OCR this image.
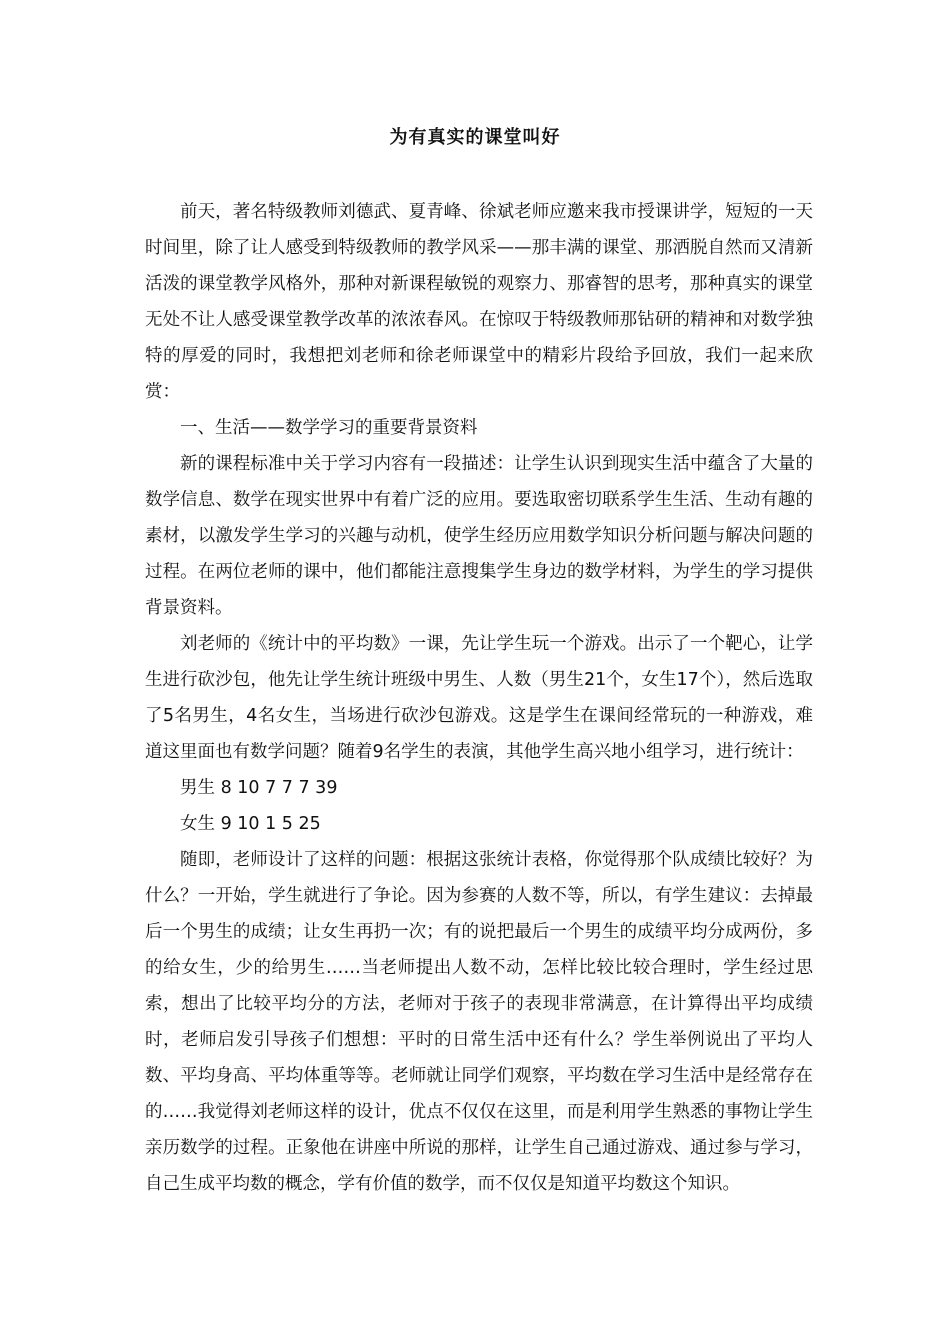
为有真实的课堂叫好

前天，著名特级教师刘德武、夏青峰、徐斌老师应邀来我市授课讲学，短短的一天时间里，除了让人感受到特级教师的教学风采——那丰满的课堂、那洒脱自然而又清新活泼的课堂教学风格外，那种对新课程敏锐的观察力、那睿智的思考，那种真实的课堂无处不让人感受课堂教学改革的浓浓春风。在惊叹于特级教师那钻研的精神和对数学独特的厚爱的同时，我想把刘老师和徐老师课堂中的精彩片段给予回放，我们一起来欣赏：

一、生活——数学学习的重要背景资料

新的课程标准中关于学习内容有一段描述：让学生认识到现实生活中蕴含了大量的数学信息、数学在现实世界中有着广泛的应用。要选取密切联系学生生活、生动有趣的素材，以激发学生学习的兴趣与动机，使学生经历应用数学知识分析问题与解决问题的过程。在两位老师的课中，他们都能注意搜集学生身边的数学材料，为学生的学习提供背景资料。

刘老师的《统计中的平均数》一课，先让学生玩一个游戏。出示了一个靶心，让学生进行砍沙包，他先让学生统计班级中男生、人数（男生21个，女生17个），然后选取了5名男生，4名女生，当场进行砍沙包游戏。这是学生在课间经常玩的一种游戏，难道这里面也有数学问题？随着9名学生的表演，其他学生高兴地小组学习，进行统计：

男生 8 10 7 7 7 39

女生 9 10 1 5 25

随即，老师设计了这样的问题：根据这张统计表格，你觉得那个队成绩比较好？为什么？一开始，学生就进行了争论。因为参赛的人数不等，所以，有学生建议：去掉最后一个男生的成绩；让女生再扔一次；有的说把最后一个男生的成绩平均分成两份，多的给女生，少的给男生……当老师提出人数不动，怎样比较比较合理时，学生经过思索，想出了比较平均分的方法，老师对于孩子的表现非常满意，在计算得出平均成绩时，老师启发引导孩子们想想：平时的日常生活中还有什么？学生举例说出了平均人数、平均身高、平均体重等等。老师就让同学们观察，平均数在学习生活中是经常存在的……我觉得刘老师这样的设计，优点不仅仅在这里，而是利用学生熟悉的事物让学生亲历数学的过程。正象他在讲座中所说的那样，让学生自己通过游戏、通过参与学习，自己生成平均数的概念，学有价值的数学，而不仅仅是知道平均数这个知识。
